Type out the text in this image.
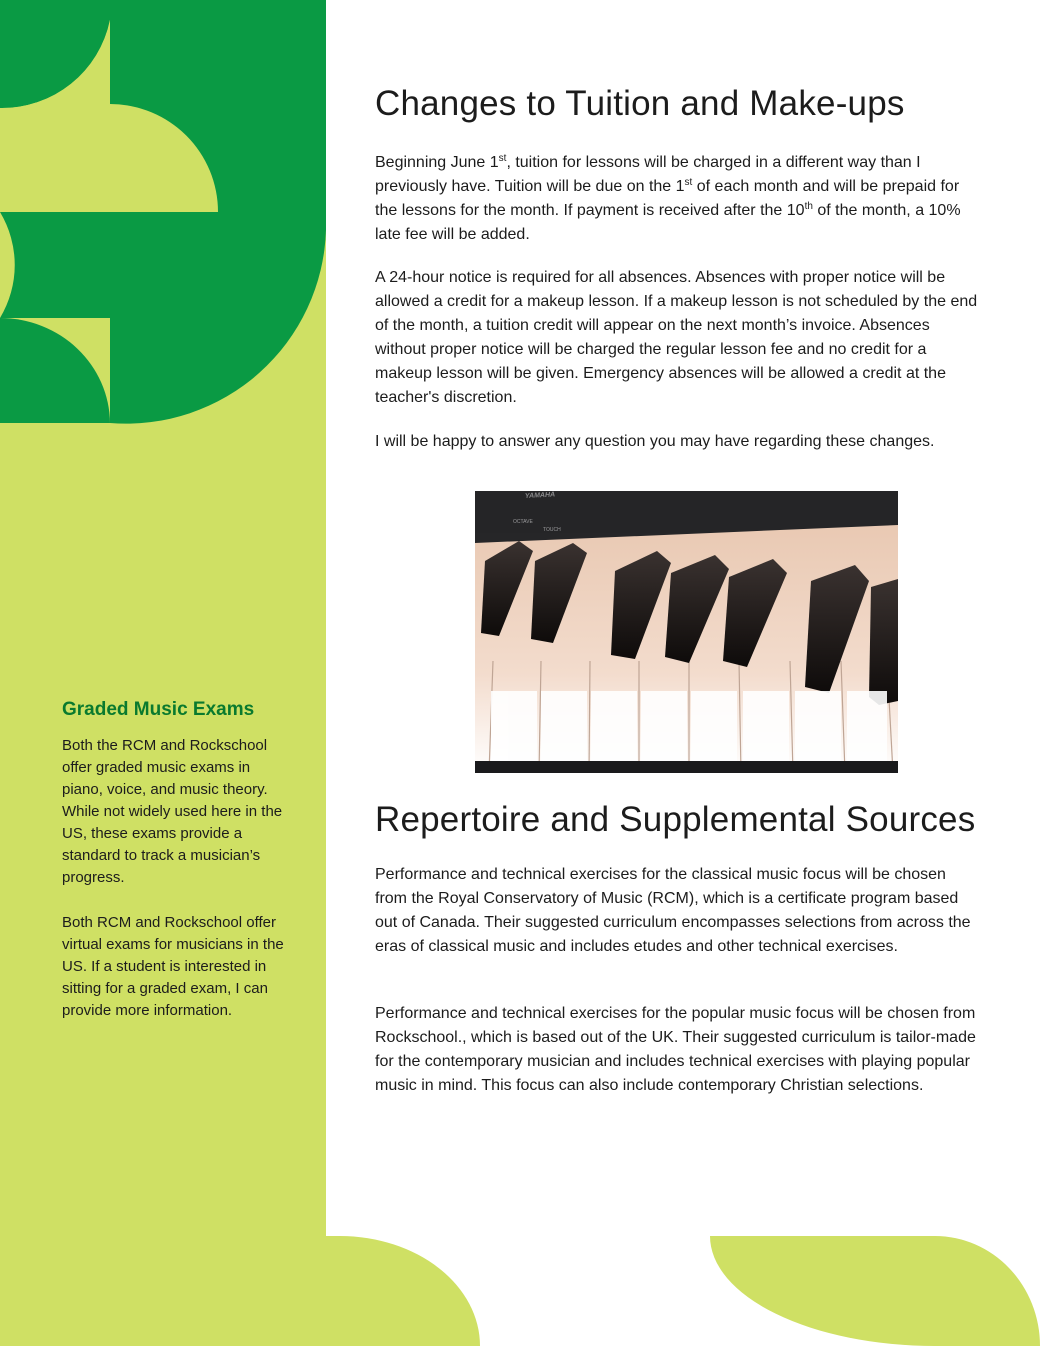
Changes to Tuition and Make-ups

Beginning June 1st, tuition for lessons will be charged in a different way than I previously have. Tuition will be due on the 1st of each month and will be prepaid for the lessons for the month. If payment is received after the 10th of the month, a 10% late fee will be added.

A 24-hour notice is required for all absences. Absences with proper notice will be allowed a credit for a makeup lesson. If a makeup lesson is not scheduled by the end of the month, a tuition credit will appear on the next month’s invoice. Absences without proper notice will be charged the regular lesson fee and no credit for a makeup lesson will be given. Emergency absences will be allowed a credit at the teacher's discretion.

I will be happy to answer any question you may have regarding these changes.

YAMAHA
OCTAVE
TOUCH
Repertoire and Supplemental Sources

Performance and technical exercises for the classical music focus will be chosen from the Royal Conservatory of Music (RCM), which is a certificate program based out of Canada. Their suggested curriculum encompasses selections from across the eras of classical music and includes etudes and other technical exercises.

Performance and technical exercises for the popular music focus will be chosen from Rockschool., which is based out of the UK. Their suggested curriculum is tailor-made for the contemporary musician and includes technical exercises with playing popular music in mind. This focus can also include contemporary Christian selections.

Graded Music Exams

Both the RCM and Rockschool offer graded music exams in piano, voice, and music theory. While not widely used here in the US, these exams provide a standard to track a musician’s progress.

Both RCM and Rockschool offer virtual exams for musicians in the US. If a student is interested in sitting for a graded exam, I can provide more information.
